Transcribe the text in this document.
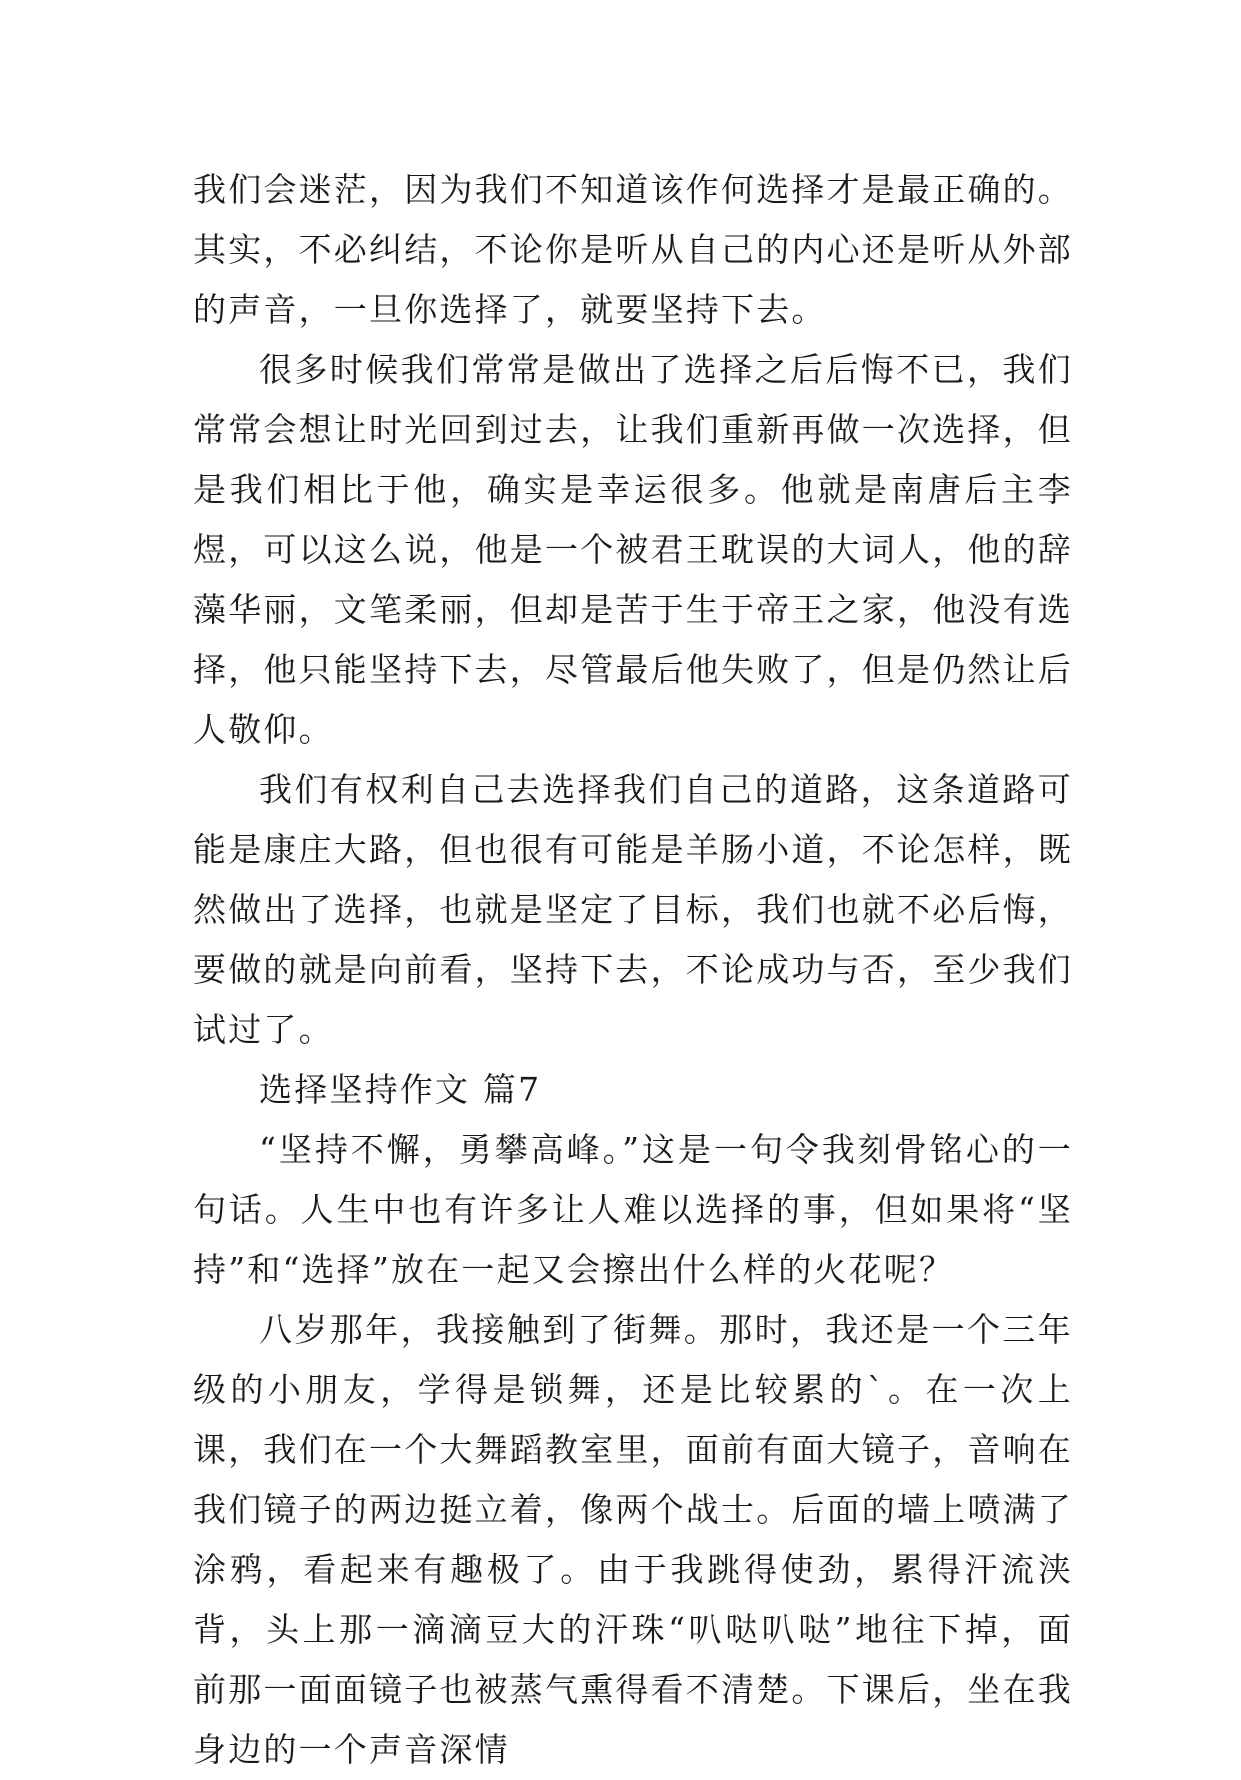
我们会迷茫，因为我们不知道该作何选择才是最正确的。其实，不必纠结，不论你是听从自己的内心还是听从外部的声音，一旦你选择了，就要坚持下去。

很多时候我们常常是做出了选择之后后悔不已，我们常常会想让时光回到过去，让我们重新再做一次选择，但是我们相比于他，确实是幸运很多。他就是南唐后主李煜，可以这么说，他是一个被君王耽误的大词人，他的辞藻华丽，文笔柔丽，但却是苦于生于帝王之家，他没有选择，他只能坚持下去，尽管最后他失败了，但是仍然让后人敬仰。

我们有权利自己去选择我们自己的道路，这条道路可能是康庄大路，但也很有可能是羊肠小道，不论怎样，既然做出了选择，也就是坚定了目标，我们也就不必后悔，要做的就是向前看，坚持下去，不论成功与否，至少我们试过了。

选择坚持作文 篇7

“坚持不懈，勇攀高峰。”这是一句令我刻骨铭心的一句话。人生中也有许多让人难以选择的事，但如果将“坚持”和“选择”放在一起又会擦出什么样的火花呢？

八岁那年，我接触到了街舞。那时，我还是一个三年级的小朋友，学得是锁舞，还是比较累的`。在一次上课，我们在一个大舞蹈教室里，面前有面大镜子，音响在我们镜子的两边挺立着，像两个战士。后面的墙上喷满了涂鸦，看起来有趣极了。由于我跳得使劲，累得汗流浃背，头上那一滴滴豆大的汗珠“叭哒叭哒”地往下掉，面前那一面面镜子也被蒸气熏得看不清楚。下课后，坐在我身边的一个声音深情
